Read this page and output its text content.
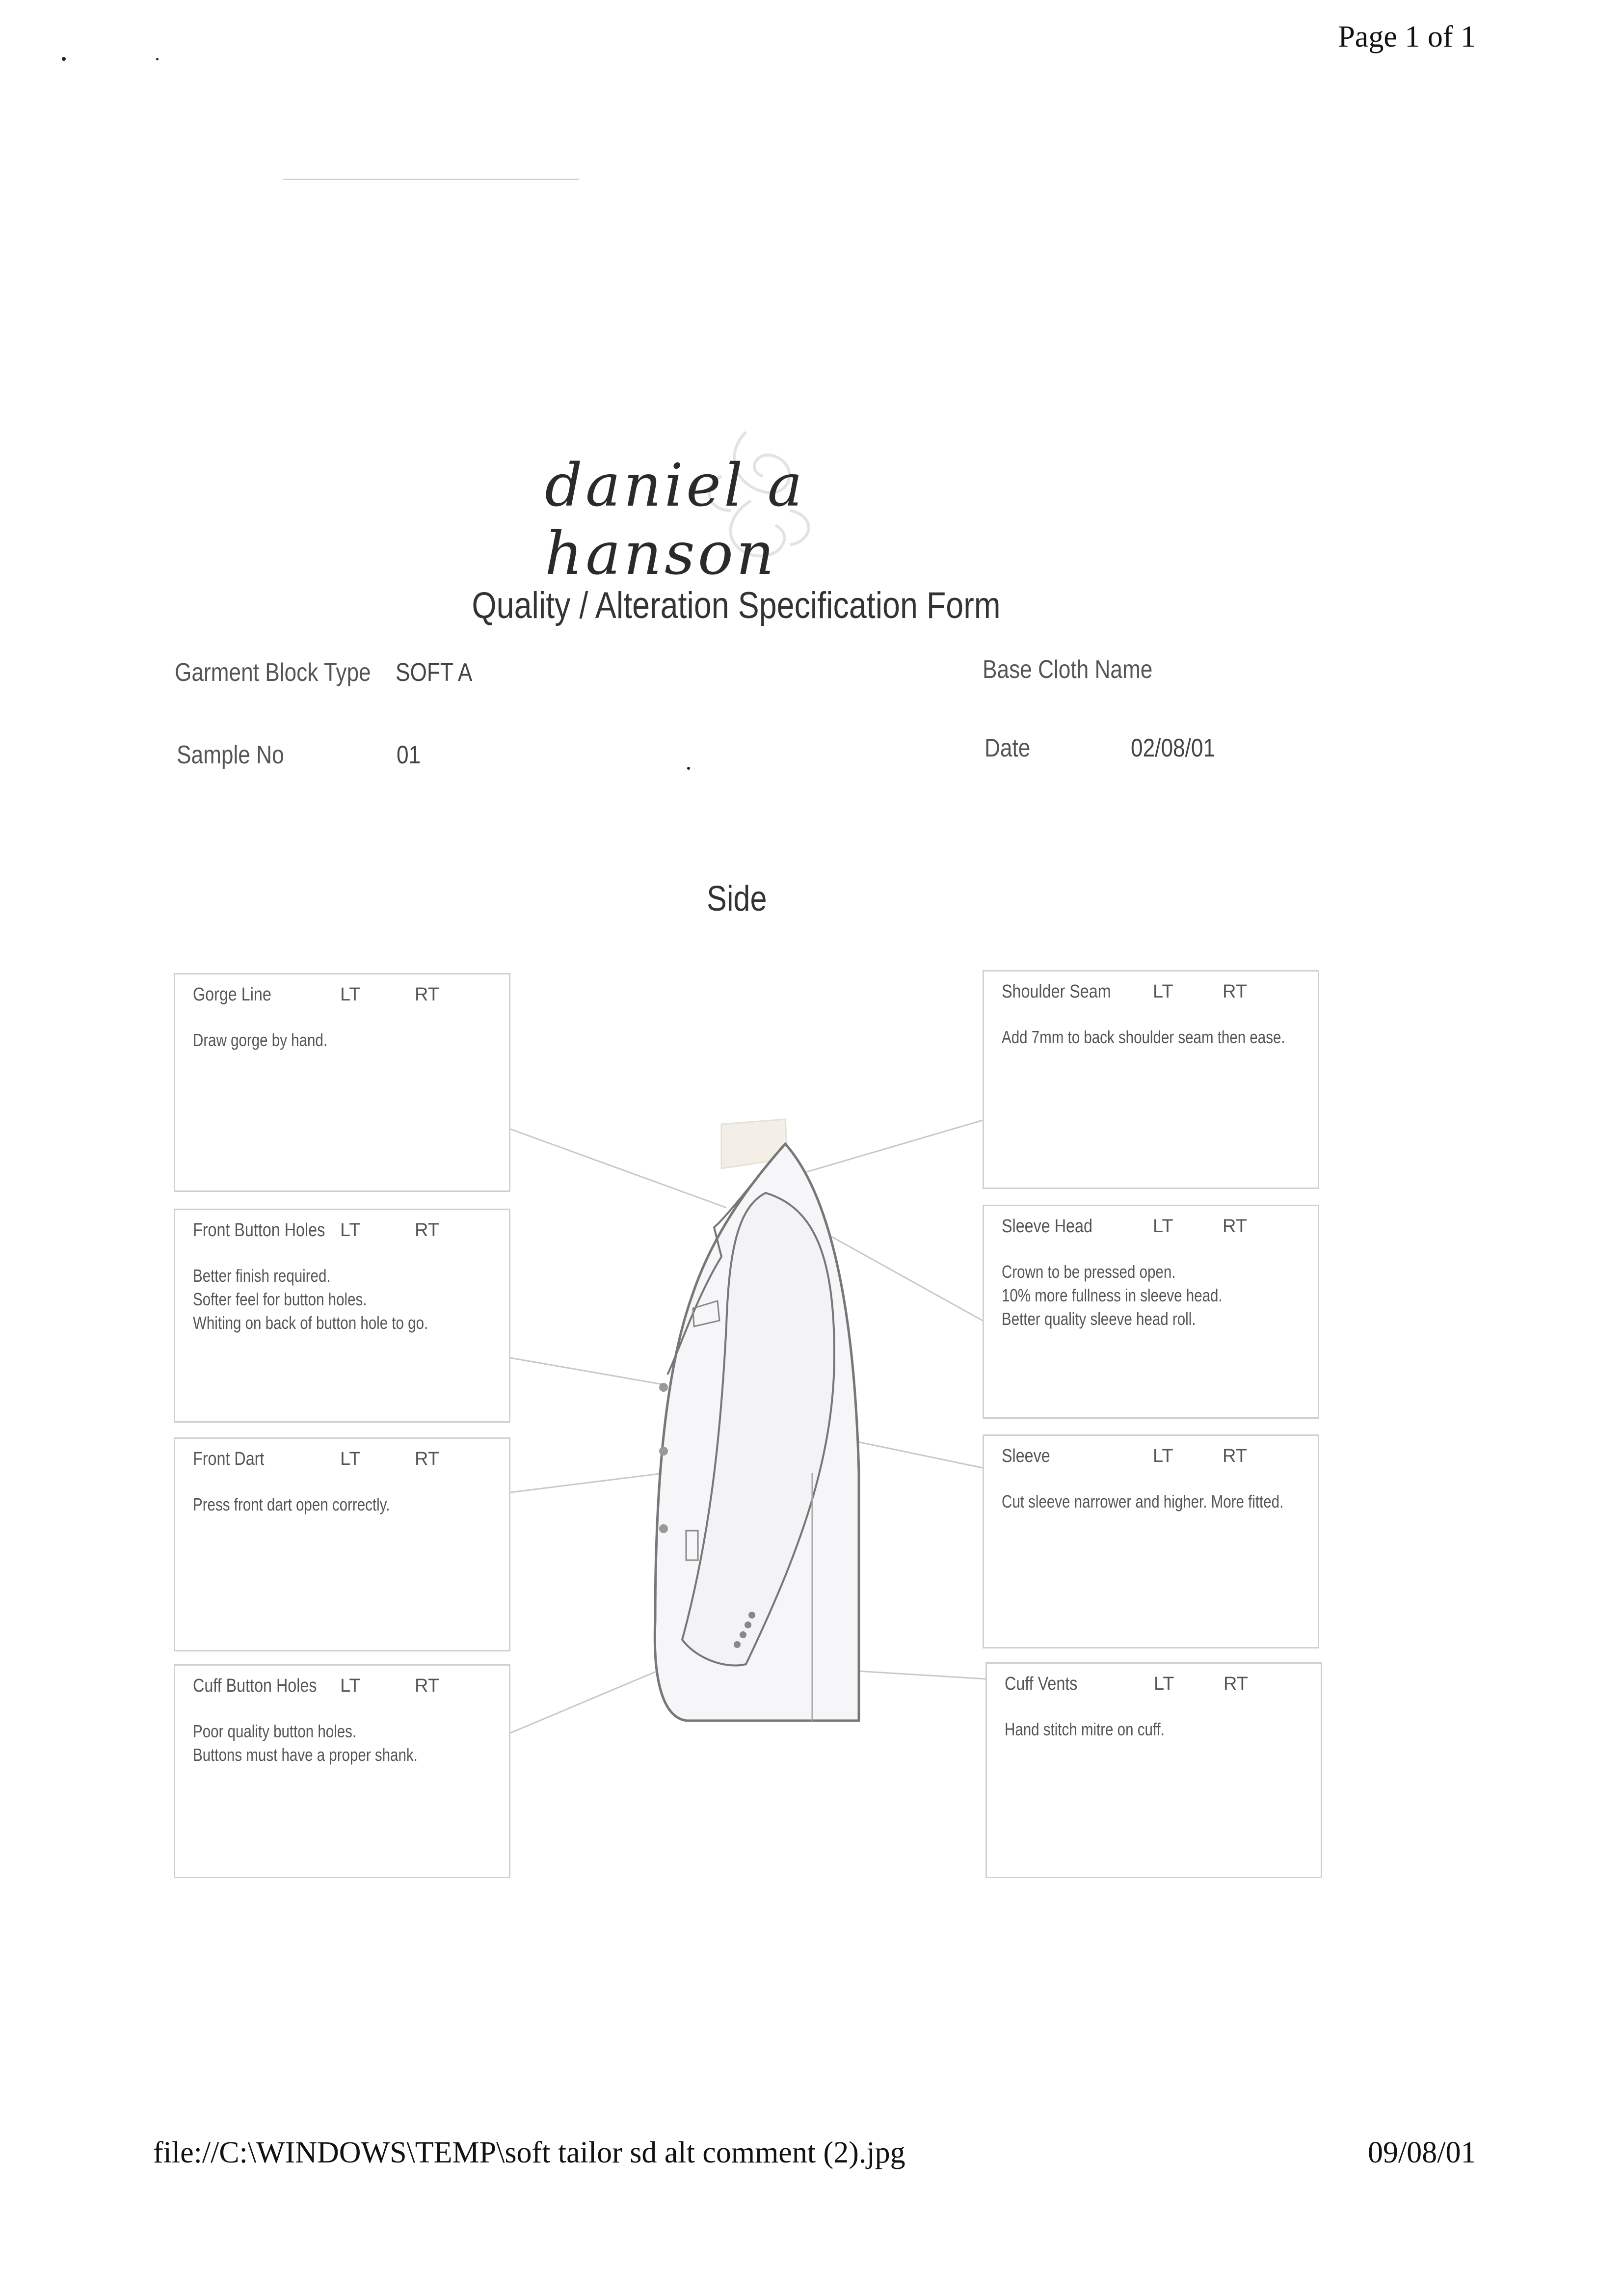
Page 1 of 1
daniel a hanson
Quality / Alteration Specification Form
Garment Block Type SOFT A	Base Cloth Name
Sample No	01	Date	02/08/01
Side
Gorge Line	LT	RT
Draw gorge by hand.
Front Button Holes LT	RT
Better finish required.
Softer feel for button holes.
Whiting on back of button hole to go.
Front Dart	LT	RT
Press front dart open correctly.
Cuff Button Holes LT	RT
Poor quality button holes.
Buttons must have a proper shank.
Shoulder Seam LT	RT
Add 7mm to back shoulder seam then ease.
Sleeve Head	LT	RT
Crown to be pressed open.
10% more fullness in sleeve head.
Better quality sleeve head roll.
Sleeve	LT	RT
Cut sleeve narrower and higher. More fitted.
Cuff Vents	LT	RT
Hand stitch mitre on cuff.
file://C:\WINDOWS\TEMP\soft tailor sd alt comment (2).jpg	09/08/01
